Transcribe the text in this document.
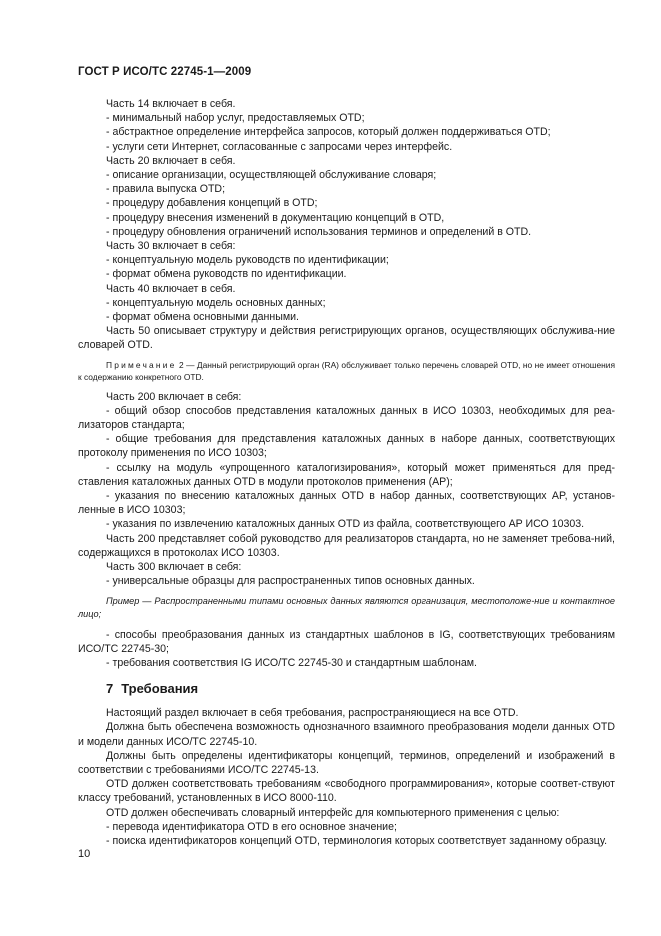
ГОСТ Р ИСО/ТС 22745-1—2009
Часть 14 включает в себя.
- минимальный набор услуг, предоставляемых OTD;
- абстрактное определение интерфейса запросов, который должен поддерживаться OTD;
- услуги сети Интернет, согласованные с запросами через интерфейс.
Часть 20 включает в себя.
- описание организации, осуществляющей обслуживание словаря;
- правила выпуска OTD;
- процедуру добавления концепций в OTD;
- процедуру внесения изменений в документацию концепций в OTD,
- процедуру обновления ограничений использования терминов и определений в OTD.
Часть 30 включает в себя:
- концептуальную модель руководств по идентификации;
- формат обмена руководств по идентификации.
Часть 40 включает в себя.
- концептуальную модель основных данных;
- формат обмена основными данными.
Часть 50 описывает структуру и действия регистрирующих органов, осуществляющих обслужива-ние словарей OTD.
Примечание 2 — Данный регистрирующий орган (RA) обслуживает только перечень словарей OTD, но не имеет отношения к содержанию конкретного OTD.
Часть 200 включает в себя:
- общий обзор способов представления каталожных данных в ИСО 10303, необходимых для реа-лизаторов стандарта;
- общие требования для представления каталожных данных в наборе данных, соответствующих протоколу применения по ИСО 10303;
- ссылку на модуль «упрощенного каталогизирования», который может применяться для пред-ставления каталожных данных OTD в модули протоколов применения (AP);
- указания по внесению каталожных данных OTD в набор данных, соответствующих AP, установ-ленные в ИСО 10303;
- указания по извлечению каталожных данных OTD из файла, соответствующего AP ИСО 10303.
Часть 200 представляет собой руководство для реализаторов стандарта, но не заменяет требова-ний, содержащихся в протоколах ИСО 10303.
Часть 300 включает в себя:
- универсальные образцы для распространенных типов основных данных.
Пример — Распространенными типами основных данных являются организация, местоположе-ние и контактное лицо;
- способы преобразования данных из стандартных шаблонов в IG, соответствующих требованиям ИСО/ТС 22745-30;
- требования соответствия IG ИСО/ТС 22745-30 и стандартным шаблонам.
7 Требования
Настоящий раздел включает в себя требования, распространяющиеся на все OTD.
Должна быть обеспечена возможность однозначного взаимного преобразования модели данных OTD и модели данных ИСО/ТС 22745-10.
Должны быть определены идентификаторы концепций, терминов, определений и изображений в соответствии с требованиями ИСО/ТС 22745-13.
OTD должен соответствовать требованиям «свободного программирования», которые соответ-ствуют классу требований, установленных в ИСО 8000-110.
OTD должен обеспечивать словарный интерфейс для компьютерного применения с целью:
- перевода идентификатора OTD в его основное значение;
- поиска идентификаторов концепций OTD, терминология которых соответствует заданному образцу.
10
